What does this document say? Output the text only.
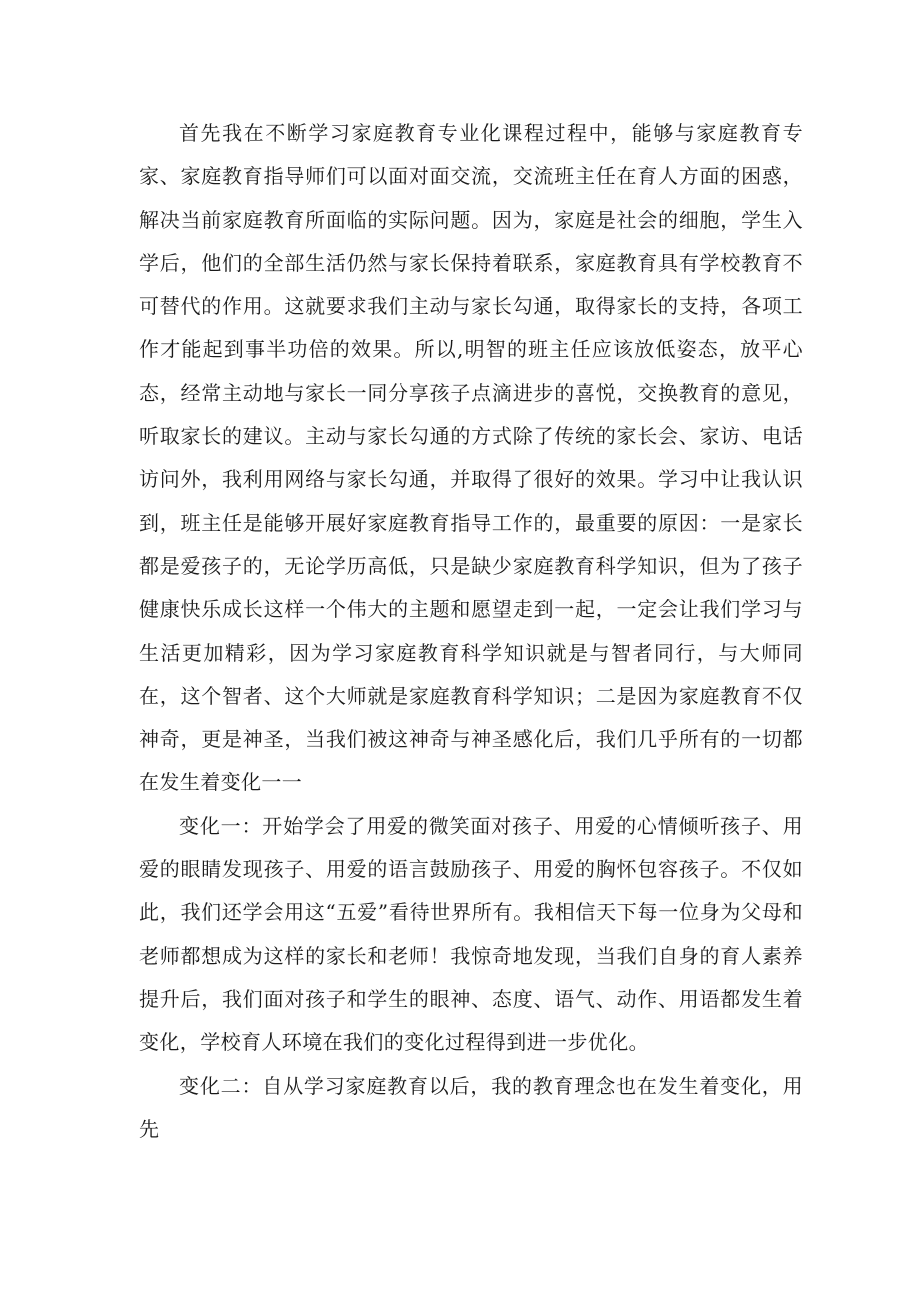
首先我在不断学习家庭教育专业化课程过程中，能够与家庭教育专家、家庭教育指导师们可以面对面交流，交流班主任在育人方面的困惑，解决当前家庭教育所面临的实际问题。因为，家庭是社会的细胞，学生入学后，他们的全部生活仍然与家长保持着联系，家庭教育具有学校教育不可替代的作用。这就要求我们主动与家长勾通，取得家长的支持，各项工作才能起到事半功倍的效果。所以,明智的班主任应该放低姿态，放平心态，经常主动地与家长一同分享孩子点滴进步的喜悦，交换教育的意见，听取家长的建议。主动与家长勾通的方式除了传统的家长会、家访、电话访问外，我利用网络与家长勾通，并取得了很好的效果。学习中让我认识到，班主任是能够开展好家庭教育指导工作的，最重要的原因：一是家长都是爱孩子的，无论学历高低，只是缺少家庭教育科学知识，但为了孩子健康快乐成长这样一个伟大的主题和愿望走到一起，一定会让我们学习与生活更加精彩，因为学习家庭教育科学知识就是与智者同行，与大师同在，这个智者、这个大师就是家庭教育科学知识；二是因为家庭教育不仅神奇，更是神圣，当我们被这神奇与神圣感化后，我们几乎所有的一切都在发生着变化一一

变化一：开始学会了用爱的微笑面对孩子、用爱的心情倾听孩子、用爱的眼睛发现孩子、用爱的语言鼓励孩子、用爱的胸怀包容孩子。不仅如此，我们还学会用这“五爱”看待世界所有。我相信天下每一位身为父母和老师都想成为这样的家长和老师！我惊奇地发现，当我们自身的育人素养提升后，我们面对孩子和学生的眼神、态度、语气、动作、用语都发生着变化，学校育人环境在我们的变化过程得到进一步优化。

变化二：自从学习家庭教育以后，我的教育理念也在发生着变化，用先
